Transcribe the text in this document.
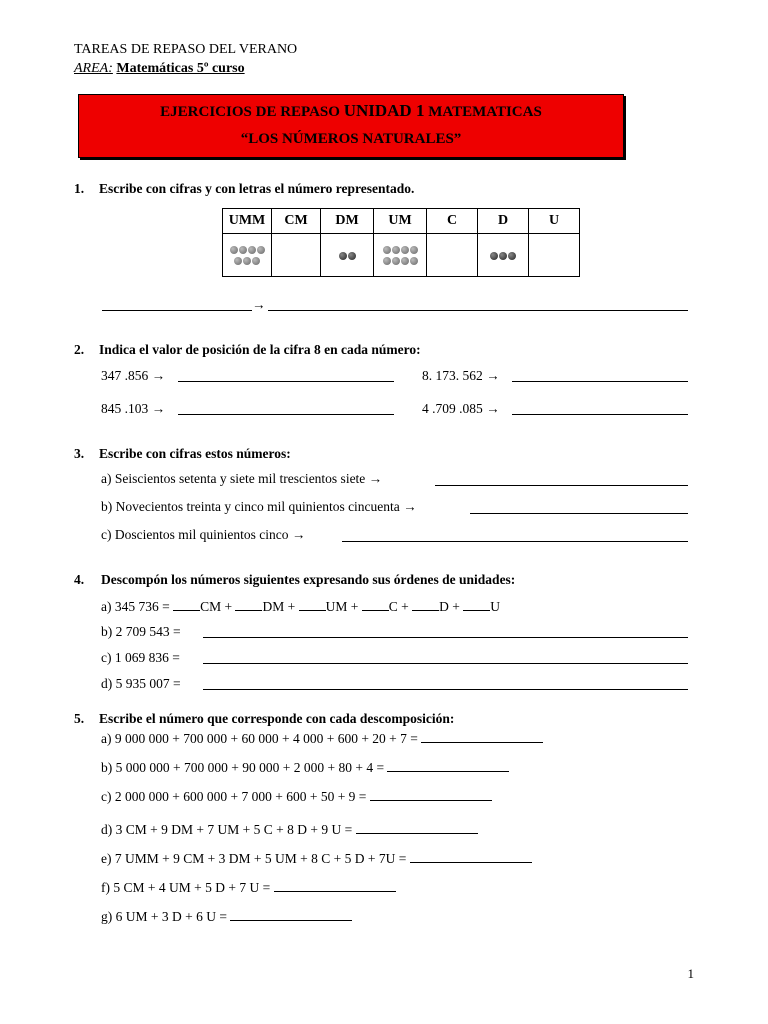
TAREAS DE REPASO DEL VERANO
AREA: Matemáticas 5º curso
EJERCICIOS DE REPASO UNIDAD 1 MATEMATICAS
“LOS NÚMEROS NATURALES”
1. Escribe con cifras y con letras el número representado.
UMM	CM	DM	UM	C	D	U

→
2. Indica el valor de posición de la cifra 8 en cada número:
347 .856 →	8. 173. 562 →
845 .103 →	4 .709 .085 →
3. Escribe con cifras estos números:
a) Seiscientos setenta y siete mil trescientos siete →
b) Novecientos treinta y cinco mil quinientos cincuenta →
c) Doscientos mil quinientos cinco →
4. Descompón los números siguientes expresando sus órdenes de unidades:
a) 345 736 = CM + DM + UM + C + D + U
b) 2 709 543 =
c) 1 069 836 =
d) 5 935 007 =
5. Escribe el número que corresponde con cada descomposición:
a) 9 000 000 + 700 000 + 60 000 + 4 000 + 600 + 20 + 7 =
b) 5 000 000 + 700 000 + 90 000 + 2 000 + 80 + 4 =
c) 2 000 000 + 600 000 + 7 000 + 600 + 50 + 9 =
d) 3 CM + 9 DM + 7 UM + 5 C + 8 D + 9 U =
e) 7 UMM + 9 CM + 3 DM + 5 UM + 8 C + 5 D + 7U =
f) 5 CM + 4 UM + 5 D + 7 U =
g) 6 UM + 3 D + 6 U =
1
